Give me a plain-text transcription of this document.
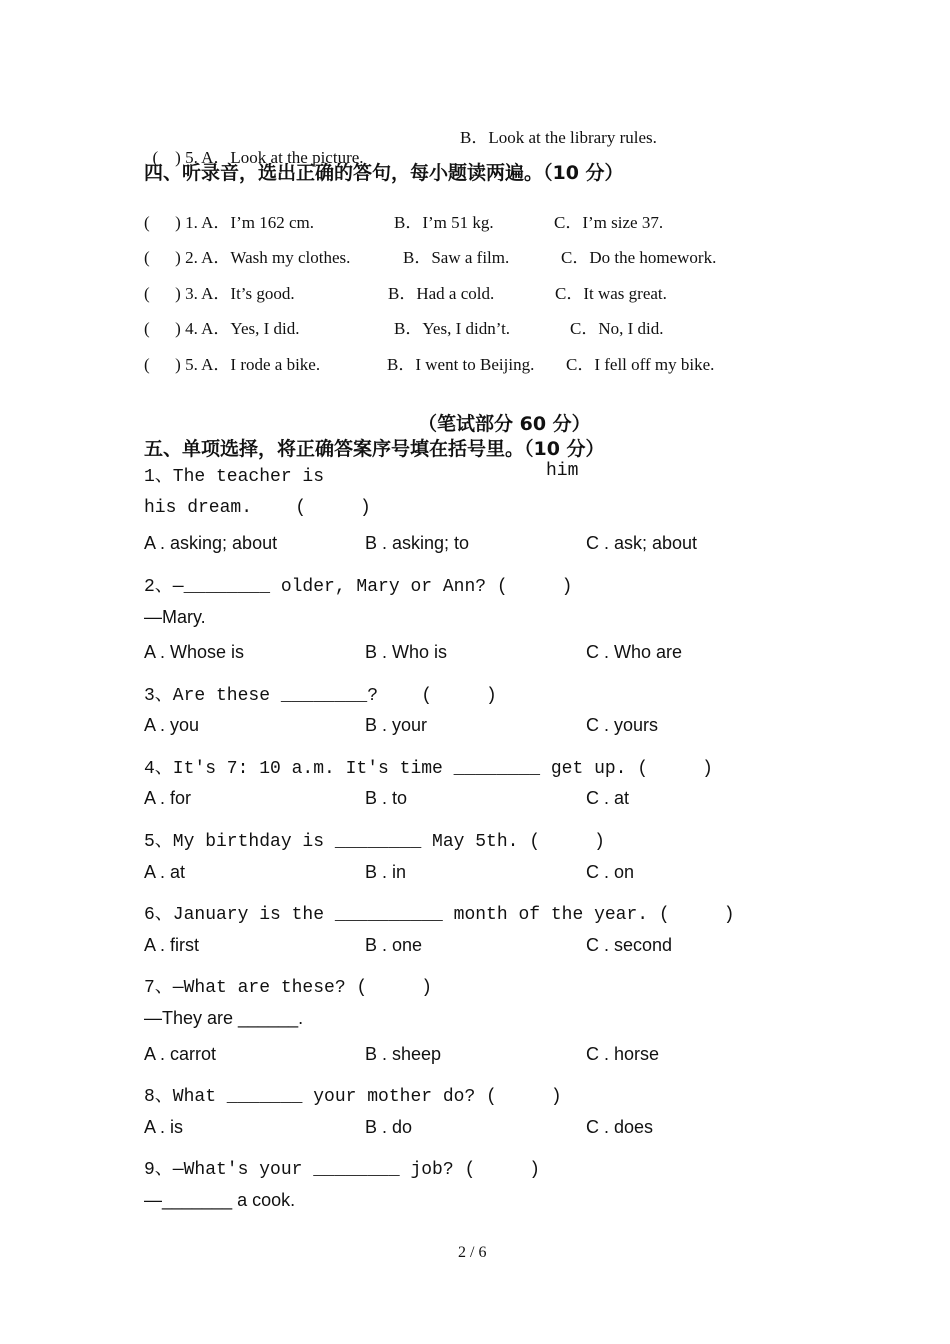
(    ) 5. A．Look at the picture.

B．Look at the library rules.
四、听录音，选出正确的答句，每小题读两遍。（10 分）
(      ) 1. A．I’m 162 cm.	B．I’m 51 kg.	C．I’m size 37.
(      ) 2. A．Wash my clothes.	B．Saw a film.	C．Do the homework.
(      ) 3. A．It’s good.	B．Had a cold.	C．It was great.
(      ) 4. A．Yes, I did.	B．Yes, I didn’t.	C．No, I did.
(      ) 5. A．I rode a bike.	B．I went to Beijing. C．I fell off my bike.
（笔试部分 60 分）
五、单项选择，将正确答案序号填在括号里。（10 分）
1、The teacher is	him
his dream.    (     )
A . asking; about	B . asking; to	C . ask; about
2、—________ older, Mary or Ann? (     )
—Mary.
A . Whose is	B . Who is	C . Who are
3、Are these ________?    (     )
A . you	B . your	C . yours
4、It's 7: 10 a.m. It's time ________ get up. (     )
A . for	B . to	C . at
5、My birthday is ________ May 5th. (     )
A . at	B . in	C . on
6、January is the __________ month of the year. (     )
A . first	B . one	C . second
7、—What are these? (     )
—They are ______.
A . carrot	B . sheep	C . horse
8、What _______ your mother do? (     )
A . is	B . do	C . does
9、—What's your ________ job? (     )
—_______ a cook.
2 / 6
